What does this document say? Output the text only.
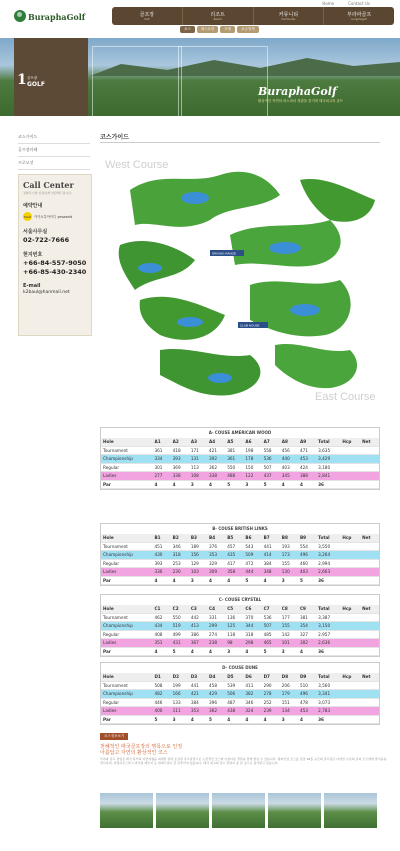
Home	Contact Us
BuraphaGolf	골프장
Golf
리조트
Resort
커뮤니티
Community
부라파골프
buraphagolf
코스	레스토랑	호텔	요금정책
BuraphaGolf
환상적인 자연의 파노라마 경관을 즐기며 태국최고의 골프
1 골프장
GOLF
코스가이드
골프장카테
프로모션
Call Center
전화주시면 친절하게 상담해드립니다.
예약안내
TALK 카카오톡아이디 yesworld
서울사무실
02-722-7666
현지번호
+66-84-557-9050
+66-85-430-2340
E-mail
k2baul@hanmail.net
코스가이드
West Course
East Course
DRIVING RANGE
CLUB HOUSE
A- COUSE AMERICAN WOOD
Hole	A1	A2	A3	A4	A5	A6	A7	A8	A9	Total	Hcp	Net
Tournament	361	418	171	421	381	198	558	456	471	3,635		
Championship	334	393	131	392	361	178	536	440	453	3,429		
Regular	301	369	113	362	550	150	507	403	424	3,180		
Ladies	277	338	108	338	488	122	437	345	388	2,841		
Par	4	4	3	4	5	3	5	4	4	36		
B- COUSE BRITISH LINKS
Hole	B1	B2	B3	B4	B5	B6	B7	B8	B9	Total	Hcp	Net
Tournament	451	346	189	376	457	543	441	193	554	3,550		
Championship	430	318	156	353	435	509	414	173	496	3,264		
Regular	393	253	129	329	417	472	384	155	460	2,994		
Ladies	336	230	103	309	358	444	348	130	403	2,663		
Par	4	4	3	4	4	5	4	3	5	36		
C- COUSE CRYSTAL
Hole	C1	C2	C3	C4	C5	C6	C7	C8	C9	Total	Hcp	Net
Tournament	462	550	442	331	136	370	536	177	381	3,387		
Championship	434	519	413	299	125	344	507	155	354	3,150		
Regular	408	499	386	274	118	318	485	142	327	2,957		
Ladies	351	431	367	238	98	298	465	101	302	2,636		
Par	4	5	4	4	3	4	5	3	4	36		
D- COUSE DUNE
Hole	D1	D2	D3	D4	D5	D6	D7	D8	D9	Total	Hcp	Net
Tournament	508	199	441	458	539	411	290	206	510	3,560		
Championship	482	166	421	429	506	382	278	179	496	3,341		
Regular	446	133	384	396	487	346	252	151	478	3,073		
Ladies	400	111	353	362	438	324	239	134	453	2,783		
Par	5	3	4	5	4	4	4	3	4	36		
코스정보보기
천혜적인 태국골프장의 명목으로 인정
아름답고 자연의 환상적인 코스
부라파 골프 클럽은 태국 북부의 자연지형을 최대한 살려 조성된 골프클럽으로 도전적인 코스와 아름다운 경관을 함께 즐길 수 있습니다. 챔피언십 코스를 갖춘 36홀 규모의 골프장은 다양한 수준의 골퍼 모두에게 즐거움을 선사하며, 클럽하우스와 드라이빙 레인지 등 편의시설이 잘 갖추어져 있습니다. 태국 최고의 골프 휴양지 중 한 곳으로 평가받고 있습니다.
